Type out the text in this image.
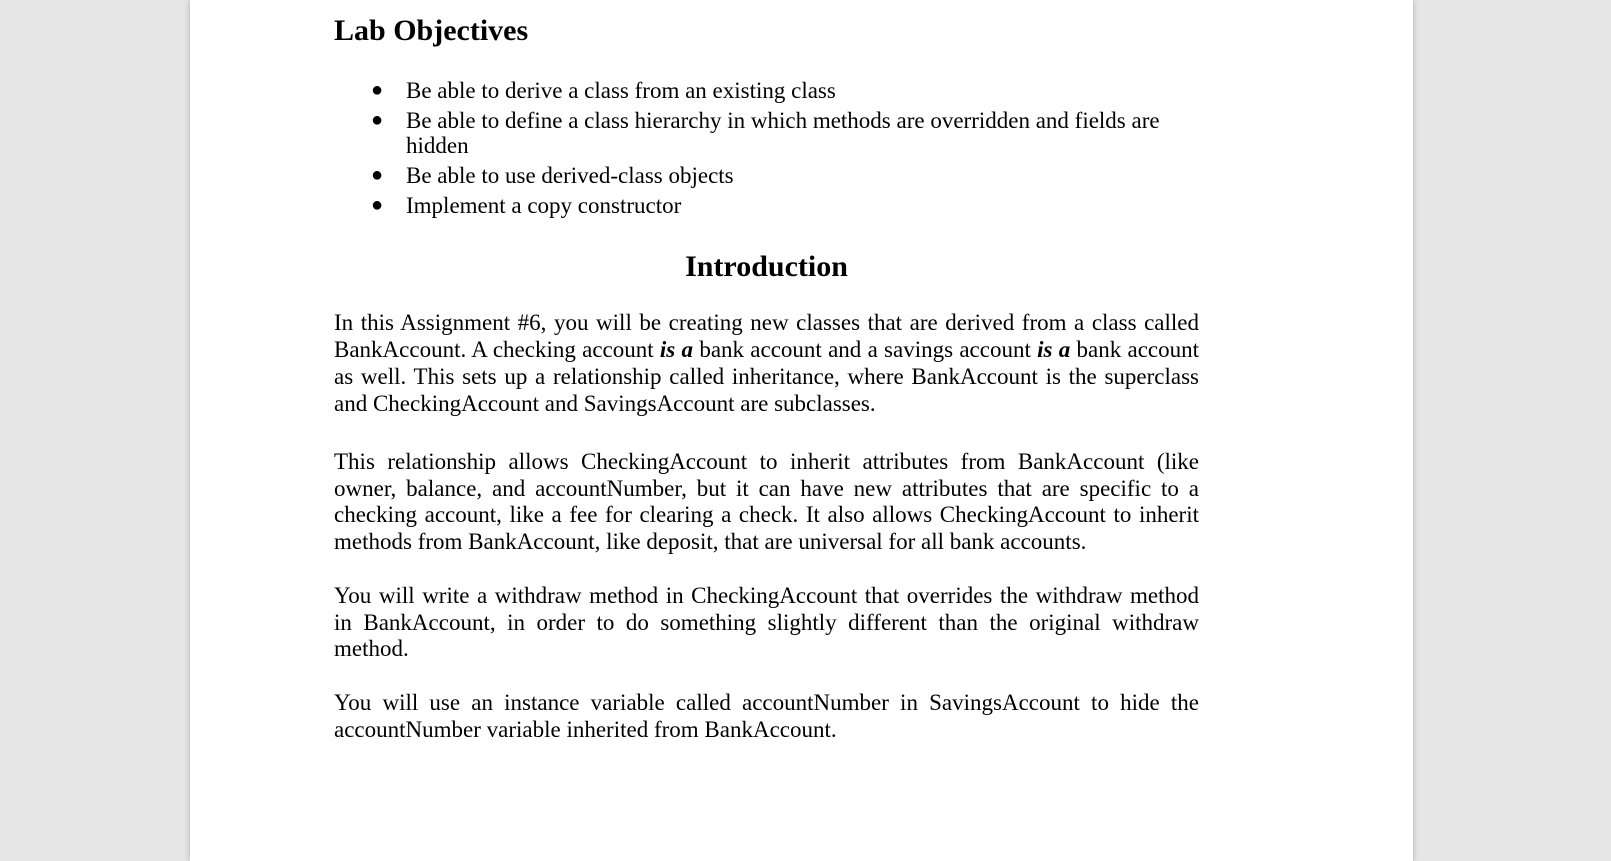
Lab Objectives
● Be able to derive a class from an existing class
● Be able to define a class hierarchy in which methods are overridden and fields are hidden
● Be able to use derived-class objects
● Implement a copy constructor
Introduction

In this Assignment #6, you will be creating new classes that are derived from a class called BankAccount. A checking account is a bank account and a savings account is a bank account as well. This sets up a relationship called inheritance, where BankAccount is the superclass and CheckingAccount and SavingsAccount are subclasses.

This relationship allows CheckingAccount to inherit attributes from BankAccount (like owner, balance, and accountNumber, but it can have new attributes that are specific to a checking account, like a fee for clearing a check. It also allows CheckingAccount to inherit methods from BankAccount, like deposit, that are universal for all bank accounts.

You will write a withdraw method in CheckingAccount that overrides the withdraw method in BankAccount, in order to do something slightly different than the original withdraw method.

You will use an instance variable called accountNumber in SavingsAccount to hide the accountNumber variable inherited from BankAccount.
